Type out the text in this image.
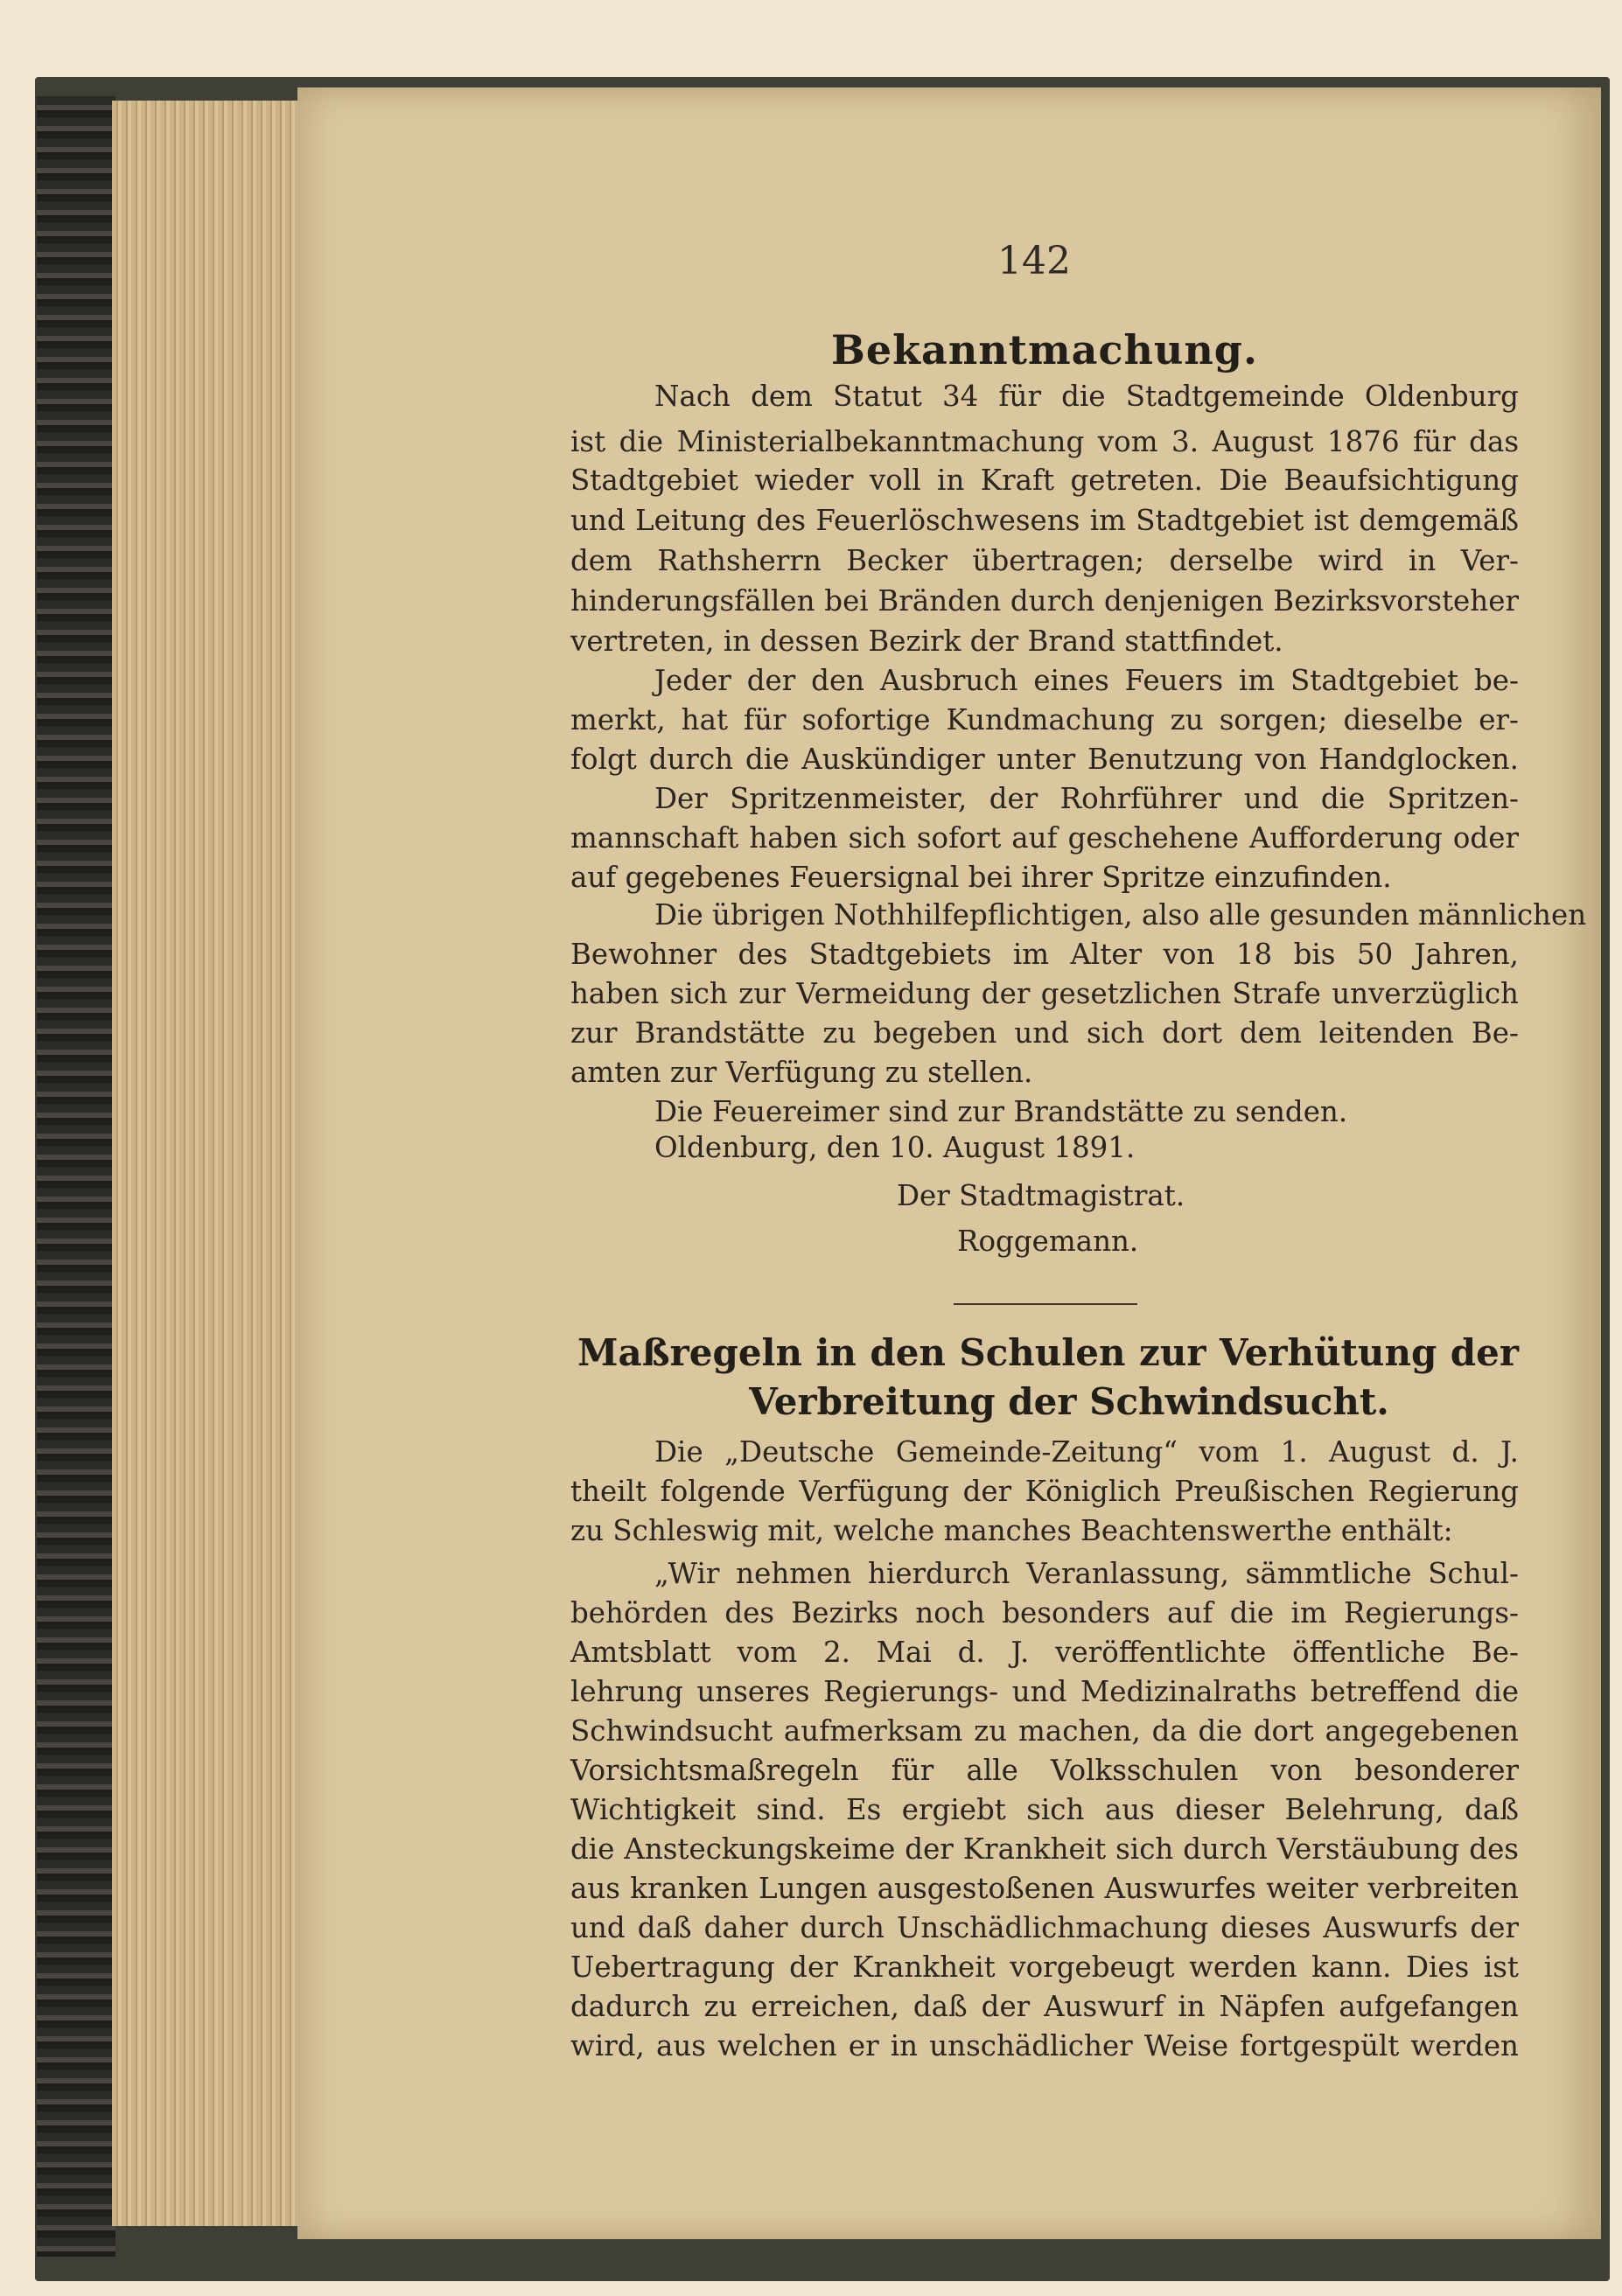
142
Bekanntmachung.
Nach dem Statut 34 für die Stadtgemeinde Oldenburg
ist die Ministerialbekanntmachung vom 3. August 1876 für das
Stadtgebiet wieder voll in Kraft getreten. Die Beaufsichtigung
und Leitung des Feuerlöschwesens im Stadtgebiet ist demgemäß
dem Rathsherrn Becker übertragen; derselbe wird in Ver-
hinderungsfällen bei Bränden durch denjenigen Bezirksvorsteher
vertreten, in dessen Bezirk der Brand stattfindet.
Jeder der den Ausbruch eines Feuers im Stadtgebiet be-
merkt, hat für sofortige Kundmachung zu sorgen; dieselbe er-
folgt durch die Auskündiger unter Benutzung von Handglocken.
Der Spritzenmeister, der Rohrführer und die Spritzen-
mannschaft haben sich sofort auf geschehene Aufforderung oder
auf gegebenes Feuersignal bei ihrer Spritze einzufinden.
Die übrigen Nothhilfepflichtigen, also alle gesunden männlichen
Bewohner des Stadtgebiets im Alter von 18 bis 50 Jahren,
haben sich zur Vermeidung der gesetzlichen Strafe unverzüglich
zur Brandstätte zu begeben und sich dort dem leitenden Be-
amten zur Verfügung zu stellen.
Die Feuereimer sind zur Brandstätte zu senden.
Oldenburg, den 10. August 1891.
Der Stadtmagistrat.
Roggemann.
Maßregeln in den Schulen zur Verhütung der
Verbreitung der Schwindsucht.
Die „Deutsche Gemeinde-Zeitung“ vom 1. August d. J.
theilt folgende Verfügung der Königlich Preußischen Regierung
zu Schleswig mit, welche manches Beachtenswerthe enthält:
„Wir nehmen hierdurch Veranlassung, sämmtliche Schul-
behörden des Bezirks noch besonders auf die im Regierungs-
Amtsblatt vom 2. Mai d. J. veröffentlichte öffentliche Be-
lehrung unseres Regierungs- und Medizinalraths betreffend die
Schwindsucht aufmerksam zu machen, da die dort angegebenen
Vorsichtsmaßregeln für alle Volksschulen von besonderer
Wichtigkeit sind. Es ergiebt sich aus dieser Belehrung, daß
die Ansteckungskeime der Krankheit sich durch Verstäubung des
aus kranken Lungen ausgestoßenen Auswurfes weiter verbreiten
und daß daher durch Unschädlichmachung dieses Auswurfs der
Uebertragung der Krankheit vorgebeugt werden kann. Dies ist
dadurch zu erreichen, daß der Auswurf in Näpfen aufgefangen
wird, aus welchen er in unschädlicher Weise fortgespült werden
